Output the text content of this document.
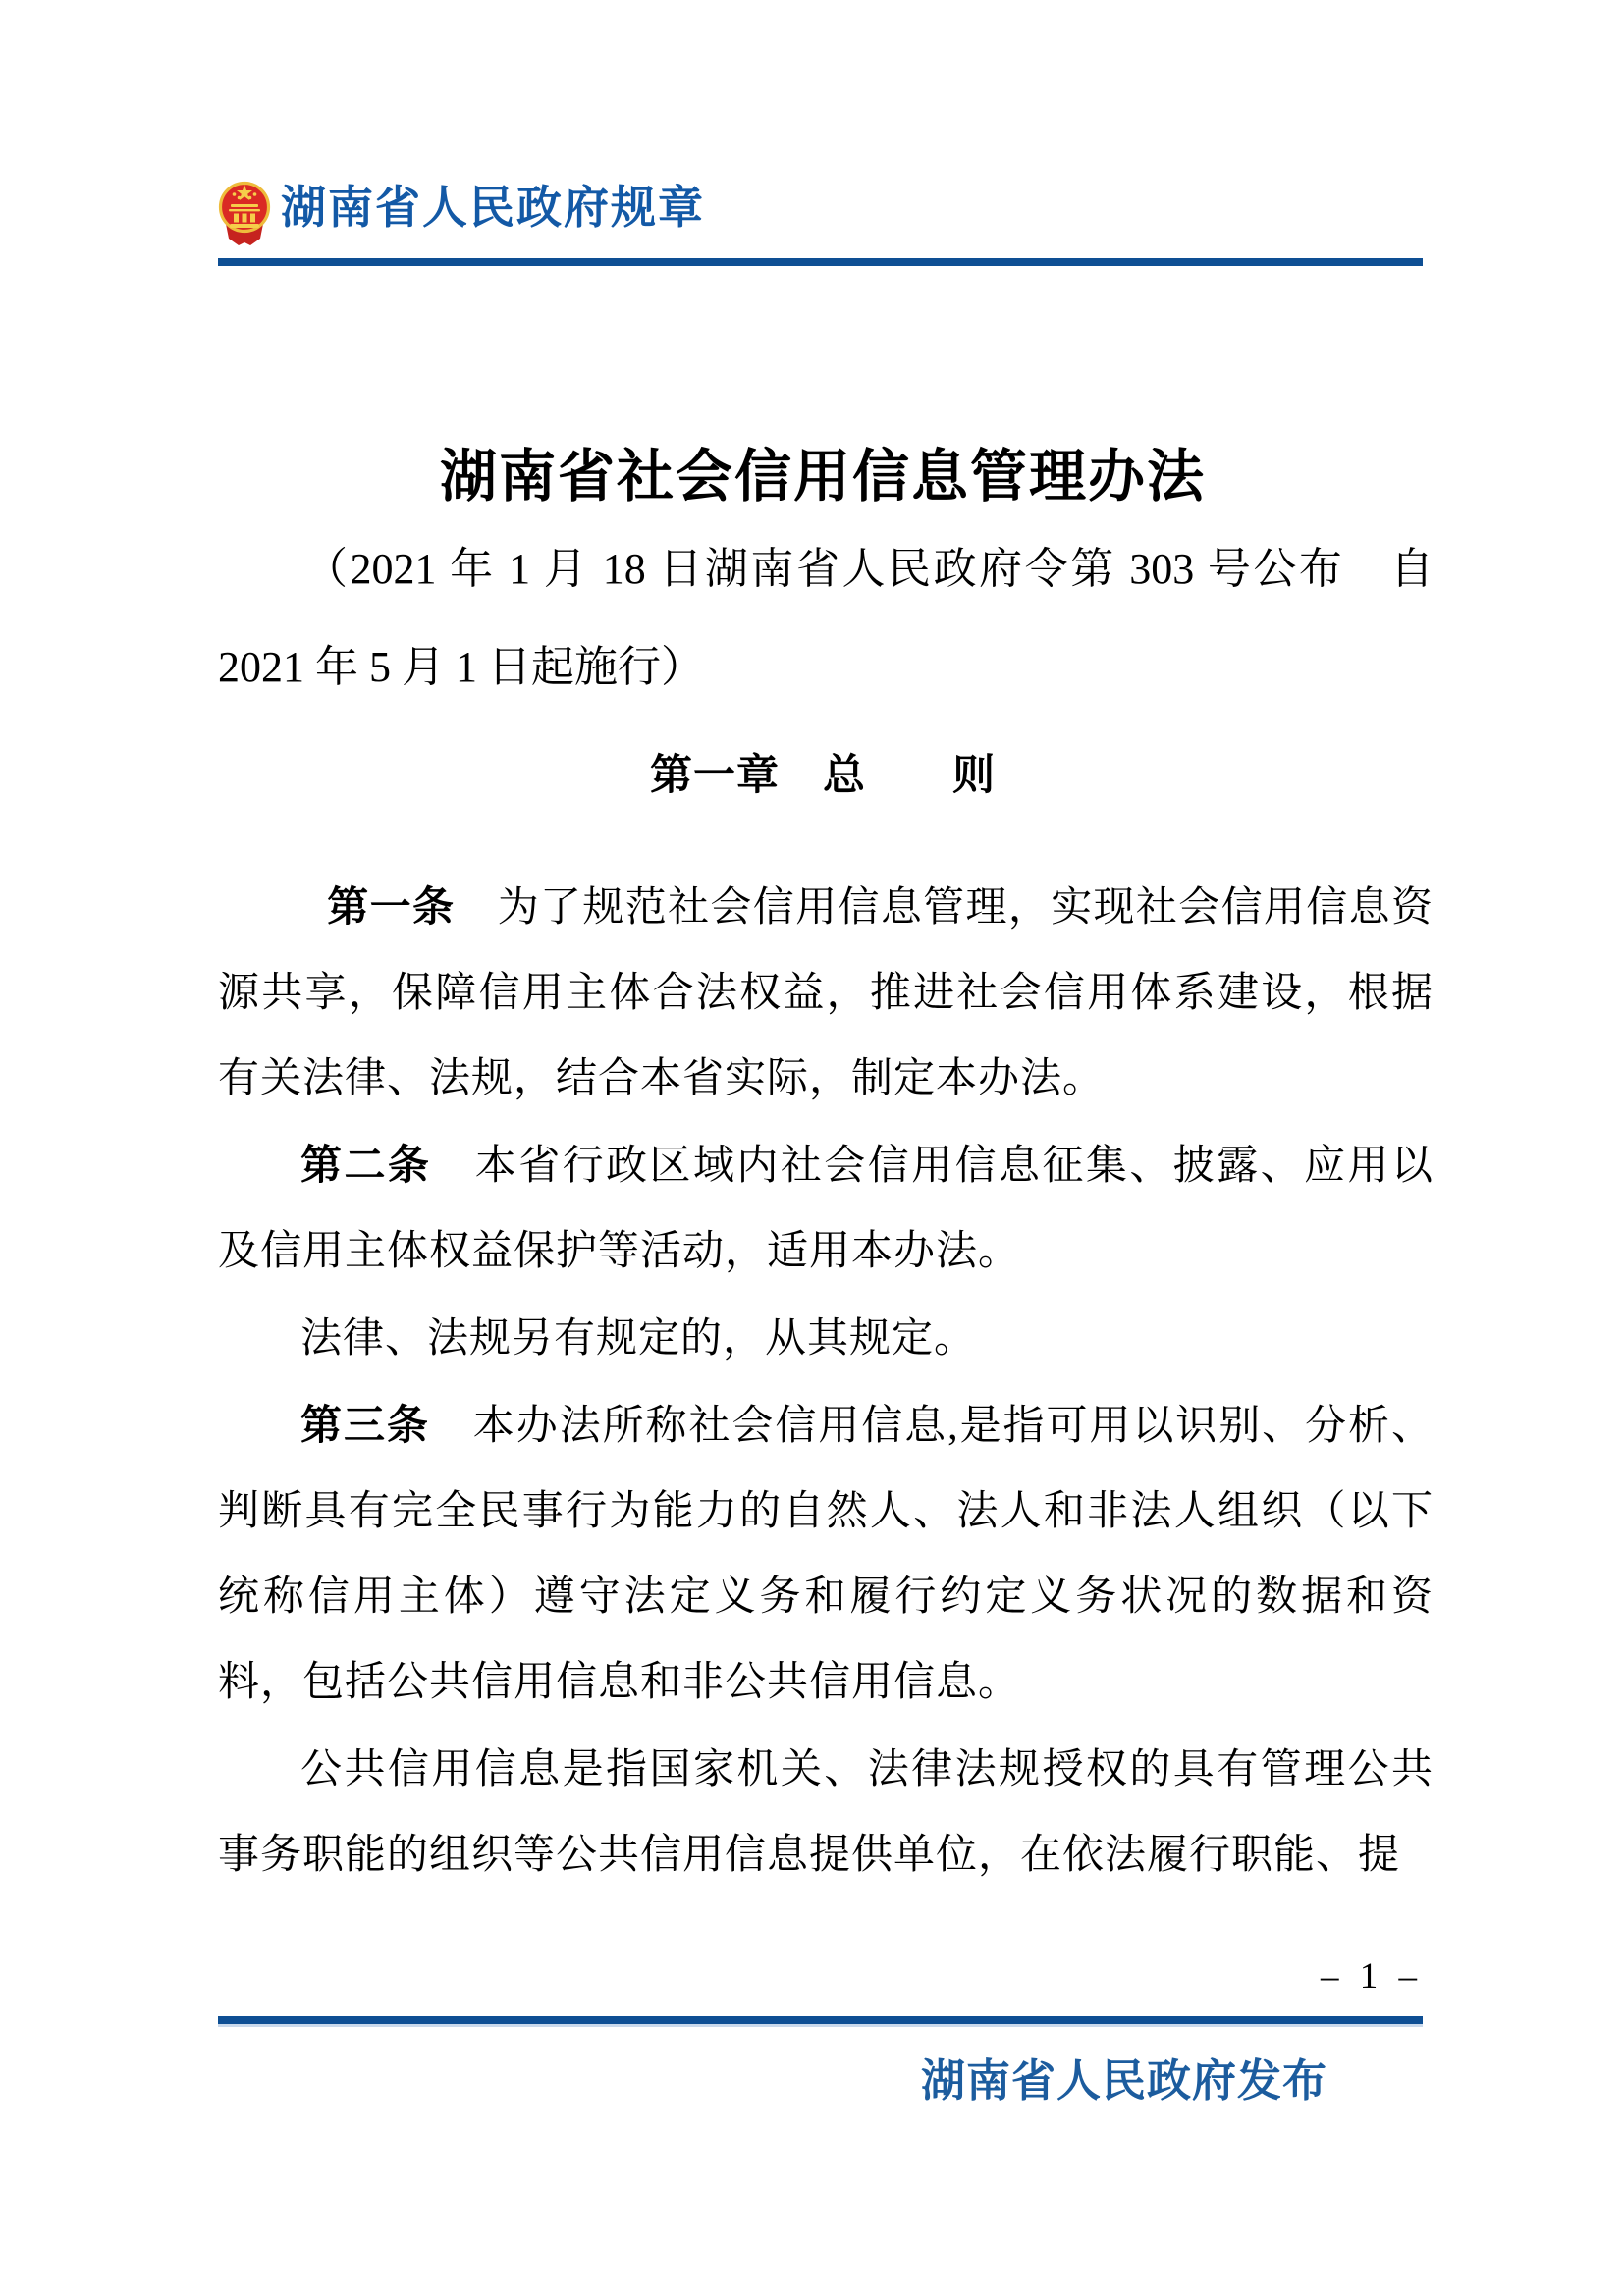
湖南省人民政府规章
湖南省社会信用信息管理办法
（2021 年 1 月 18 日湖南省人民政府令第 303 号公布　自 2021 年 5 月 1 日起施行）
第一章　总　　则

第一条　为了规范社会信用信息管理，实现社会信用信息资源共享，保障信用主体合法权益，推进社会信用体系建设，根据有关法律、法规，结合本省实际，制定本办法。

第二条　本省行政区域内社会信用信息征集、披露、应用以及信用主体权益保护等活动，适用本办法。

法律、法规另有规定的，从其规定。

第三条　本办法所称社会信用信息,是指可用以识别、分析、判断具有完全民事行为能力的自然人、法人和非法人组织（以下统称信用主体）遵守法定义务和履行约定义务状况的数据和资料，包括公共信用信息和非公共信用信息。

公共信用信息是指国家机关、法律法规授权的具有管理公共事务职能的组织等公共信用信息提供单位，在依法履行职能、提

– 1 –
湖南省人民政府发布
